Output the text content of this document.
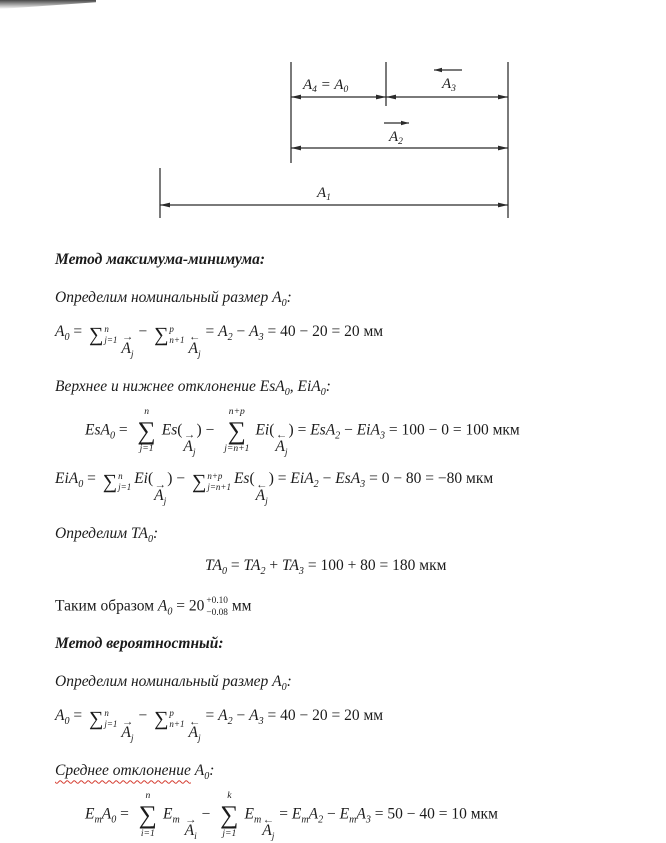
$A_4 = A_0$	$A_3$
$A_2$
$A_1$
Метод максимума-минимума:
Определим номинальный размер $A_0$:
$A_0$ = ∑ n
j=1 →
$A_j$
− ∑ p
n+1 ←
$A_j$
= $A_2 - A_3 = 40 - 20 = 20$ мм
Верхнее и нижнее отклонение EsA$_0$, EiA$_0$:
EsA$_0$ =
n
∑
j=1
Es( →
$A_j$
) −
n+p
∑
j=n+1
Ei( ←
$A_j$
) = EsA$_2$ − EiA$_3$ = 100 − 0 = 100 мкм
EiA$_0$ = ∑ n
j=1
Ei( →
$A_j$
) − ∑ n+p
j=n+1
Es( ←
$A_j$
) = EiA$_2$ − EsA$_3$ = 0 − 80 = −80 мкм
Определим $TA_0$:
$TA_0 = TA_2 + TA_3 = 100 + 80 = 180$ мкм
Таким образом $A_0 = 20 +0.10$
−0.08 мм
Метод вероятностный:
Определим номинальный размер $A_0$:
$A_0$ = ∑ n
j=1 →
$A_j$
− ∑ p
n+1 ←
$A_j$
= $A_2 - A_3 = 40 - 20 = 20$ мм
Среднее отклонение $A_0$:
$E_mA_0$ =
n
∑
i=1
$E_m$ →
$A_i$
−
k
∑
j=1
$E_m$ ←
$A_j$
= $E_mA_2 - E_mA_3 = 50 - 40 = 10$ мкм
